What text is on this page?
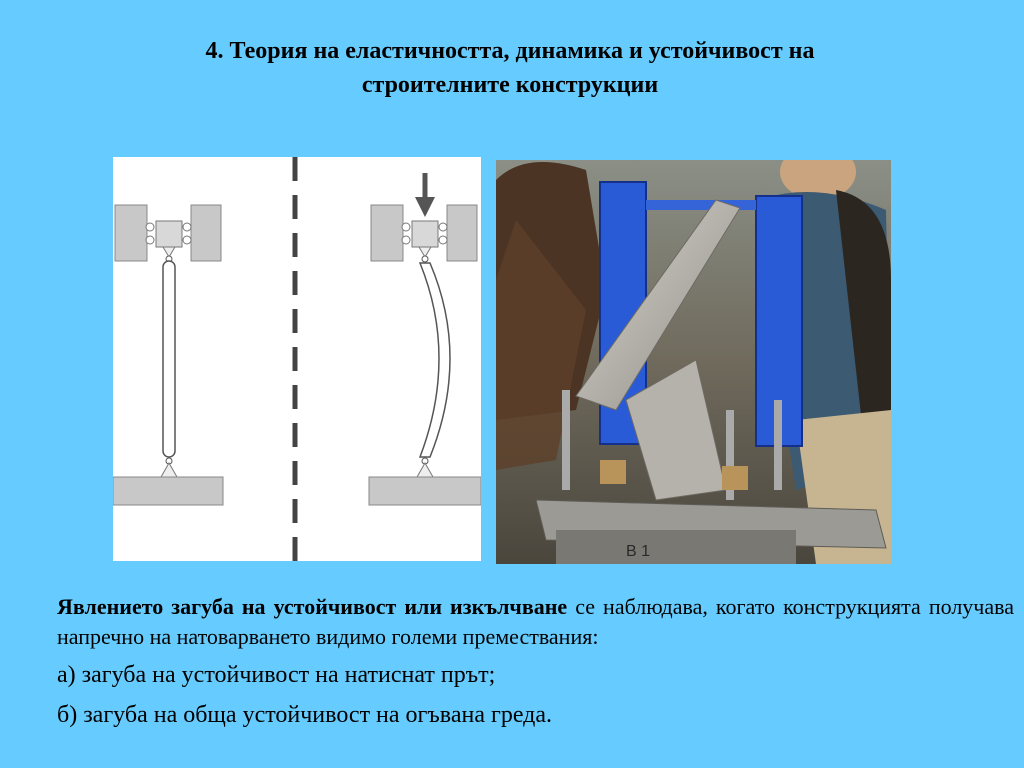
4. Теория на еластичността, динамика и устойчивост на
строителните конструкции
B 1

Явлението загуба на устойчивост или изкълчване се наблюдава, когато конструкцията получава напречно на натоварването видимо големи премествания:

а) загуба на устойчивост на натиснат прът;

б) загуба на обща устойчивост на огъвана греда.
